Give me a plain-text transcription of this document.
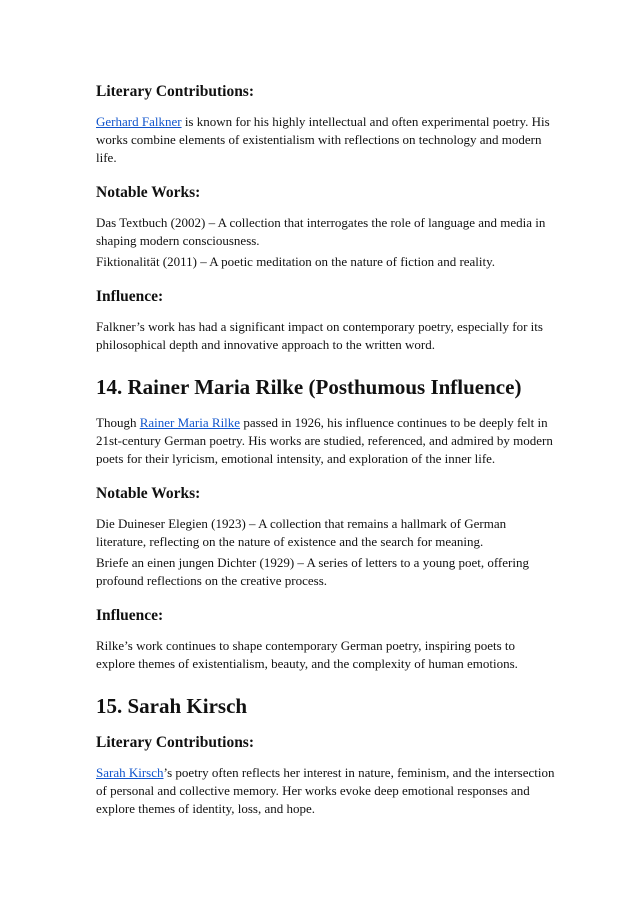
Literary Contributions:

Gerhard Falkner is known for his highly intellectual and often experimental poetry. His works combine elements of existentialism with reflections on technology and modern life.

Notable Works:

Das Textbuch (2002) – A collection that interrogates the role of language and media in shaping modern consciousness.

Fiktionalität (2011) – A poetic meditation on the nature of fiction and reality.

Influence:

Falkner’s work has had a significant impact on contemporary poetry, especially for its philosophical depth and innovative approach to the written word.

14. Rainer Maria Rilke (Posthumous Influence)

Though Rainer Maria Rilke passed in 1926, his influence continues to be deeply felt in 21st-century German poetry. His works are studied, referenced, and admired by modern poets for their lyricism, emotional intensity, and exploration of the inner life.

Notable Works:

Die Duineser Elegien (1923) – A collection that remains a hallmark of German literature, reflecting on the nature of existence and the search for meaning.

Briefe an einen jungen Dichter (1929) – A series of letters to a young poet, offering profound reflections on the creative process.

Influence:

Rilke’s work continues to shape contemporary German poetry, inspiring poets to explore themes of existentialism, beauty, and the complexity of human emotions.

15. Sarah Kirsch
Literary Contributions:

Sarah Kirsch’s poetry often reflects her interest in nature, feminism, and the intersection of personal and collective memory. Her works evoke deep emotional responses and explore themes of identity, loss, and hope.
